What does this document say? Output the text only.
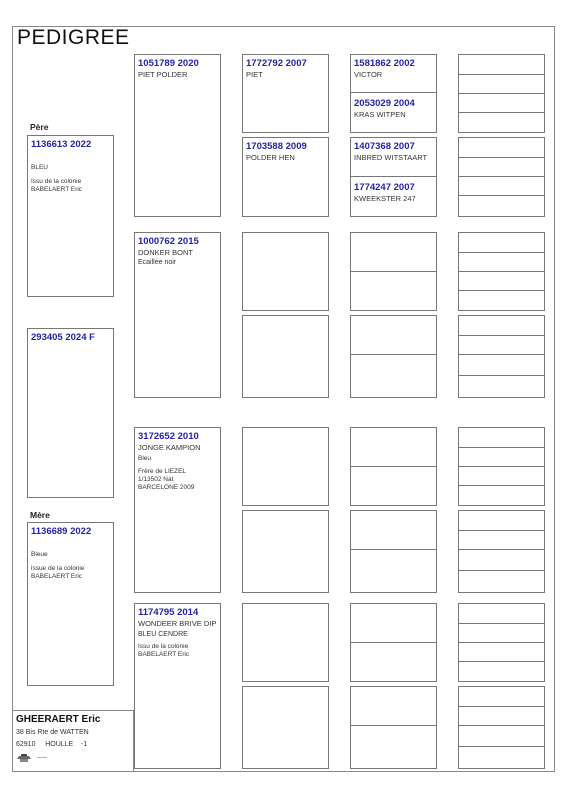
PEDIGREE
Père
Mère
1136613 2022
BLEU
Issu de la colonie
BABELAERT Eric
293405 2024 F
1136689 2022
Bleue
issue de la colonie
BABELAERT Eric
1051789 2020
PIET POLDER
1000762 2015
DONKER BONT
Ecaillée noir
3172652 2010
JONGE KAMPION
Bleu
Frère de LIEZEL
1/13502 Nat
BARCELONE 2009
1174795 2014
WONDEER BRIVE DIP
BLEU CENDRE
Issu de la colonie
BABELAERT Eric
1772792 2007
PIET
1703588 2009
POLDER HEN
1581862 2002
VICTOR
2053029 2004
KRAS WITPEN
1407368 2007
INBRED WITSTAART
1774247 2007
KWEEKSTER 247
GHEERAERT Eric
38 Bis Rte de WATTEN
62910 HOULLE -1
-----
